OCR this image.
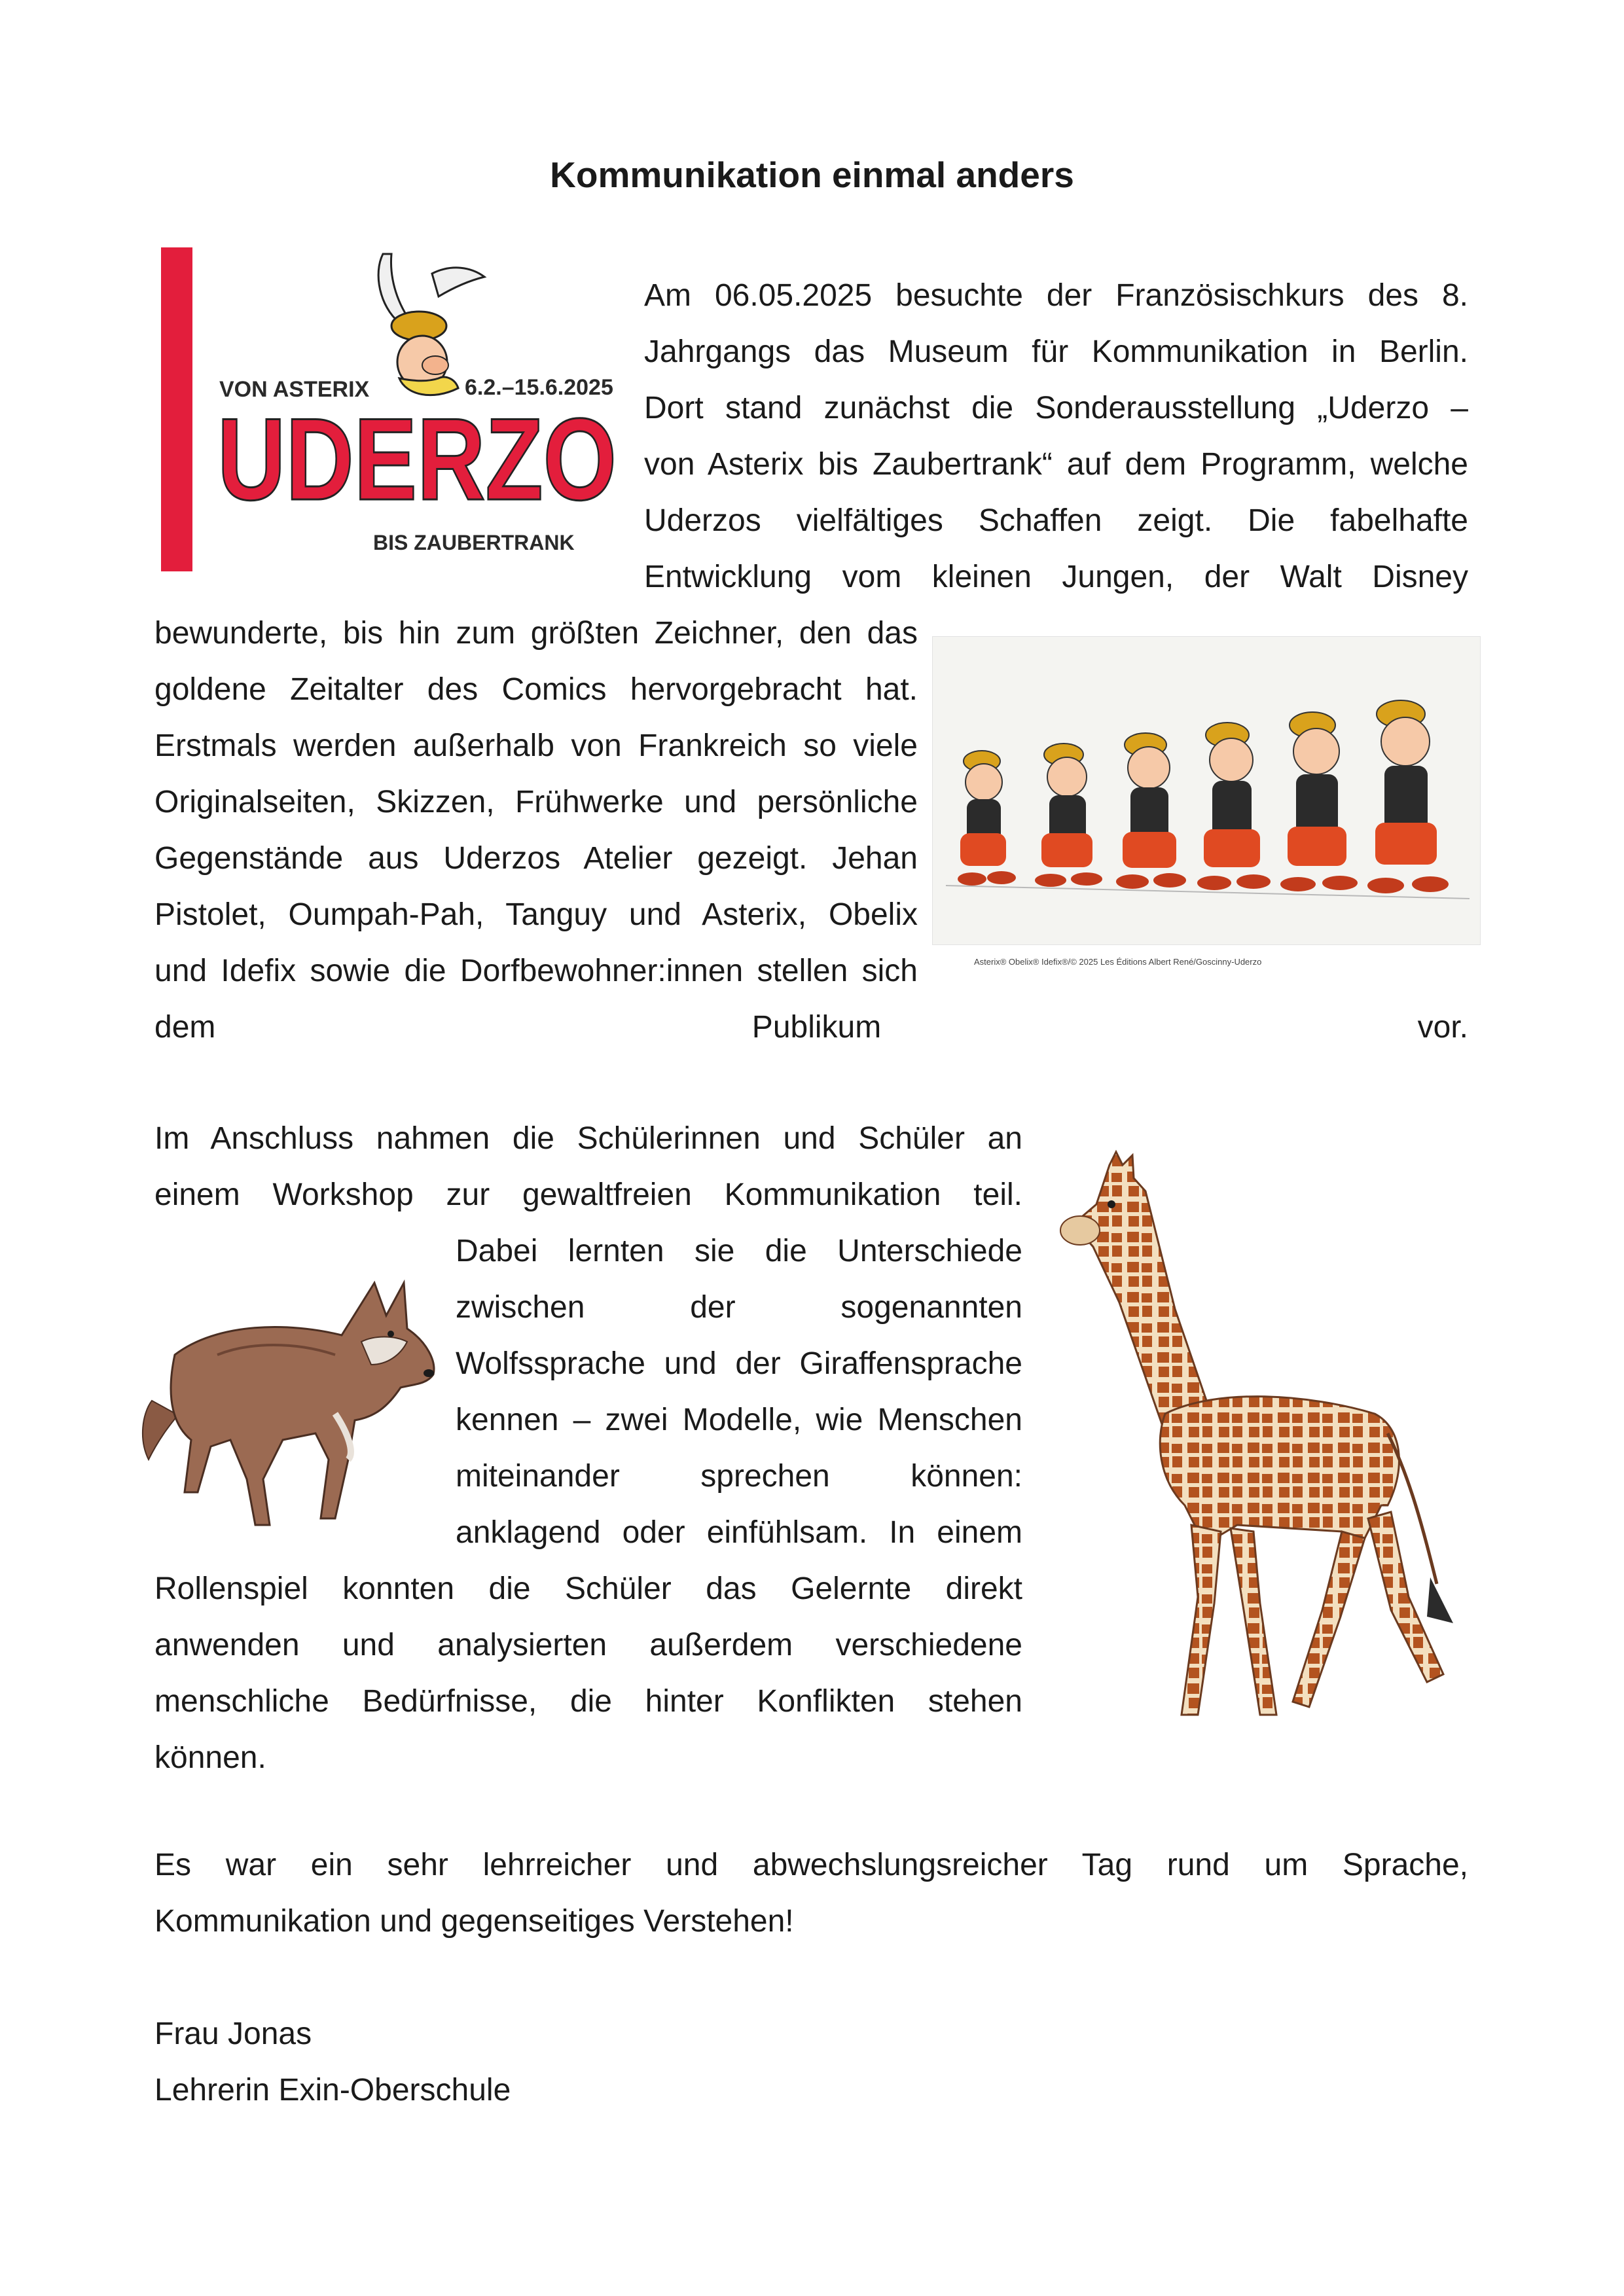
Kommunikation einmal anders
VON ASTERIX	6.2.–15.6.2025
UDERZO
BIS ZAUBERTRANK
Am 06.05.2025 besuchte der Französischkurs des 8.
Jahrgangs das Museum für Kommunikation in Berlin.
Dort stand zunächst die Sonderausstellung „Uderzo –
von Asterix bis Zaubertrank“ auf dem Programm, welche
Uderzos vielfältiges Schaffen zeigt. Die fabelhafte
Entwicklung vom kleinen Jungen, der Walt Disney
bewunderte, bis hin zum größten Zeichner, den das
goldene Zeitalter des Comics hervorgebracht hat.
Erstmals werden außerhalb von Frankreich so viele
Originalseiten, Skizzen, Frühwerke und persönliche
Gegenstände aus Uderzos Atelier gezeigt. Jehan
Pistolet, Oumpah-Pah, Tanguy und Asterix, Obelix
und Idefix sowie die Dorfbewohner:innen stellen sich
dem Publikum vor.
Asterix® Obelix® Idefix®/© 2025 Les Éditions Albert René/Goscinny-Uderzo
Im Anschluss nahmen die Schülerinnen und Schüler an
einem Workshop zur gewaltfreien Kommunikation teil.
Dabei lernten sie die Unterschiede
zwischen der sogenannten
Wolfssprache und der Giraffensprache
kennen – zwei Modelle, wie Menschen
miteinander sprechen können:
anklagend oder einfühlsam. In einem
Rollenspiel konnten die Schüler das Gelernte direkt
anwenden und analysierten außerdem verschiedene
menschliche Bedürfnisse, die hinter Konflikten stehen
können.
Es war ein sehr lehrreicher und abwechslungsreicher Tag rund um Sprache,
Kommunikation und gegenseitiges Verstehen!
Frau Jonas
Lehrerin Exin-Oberschule
